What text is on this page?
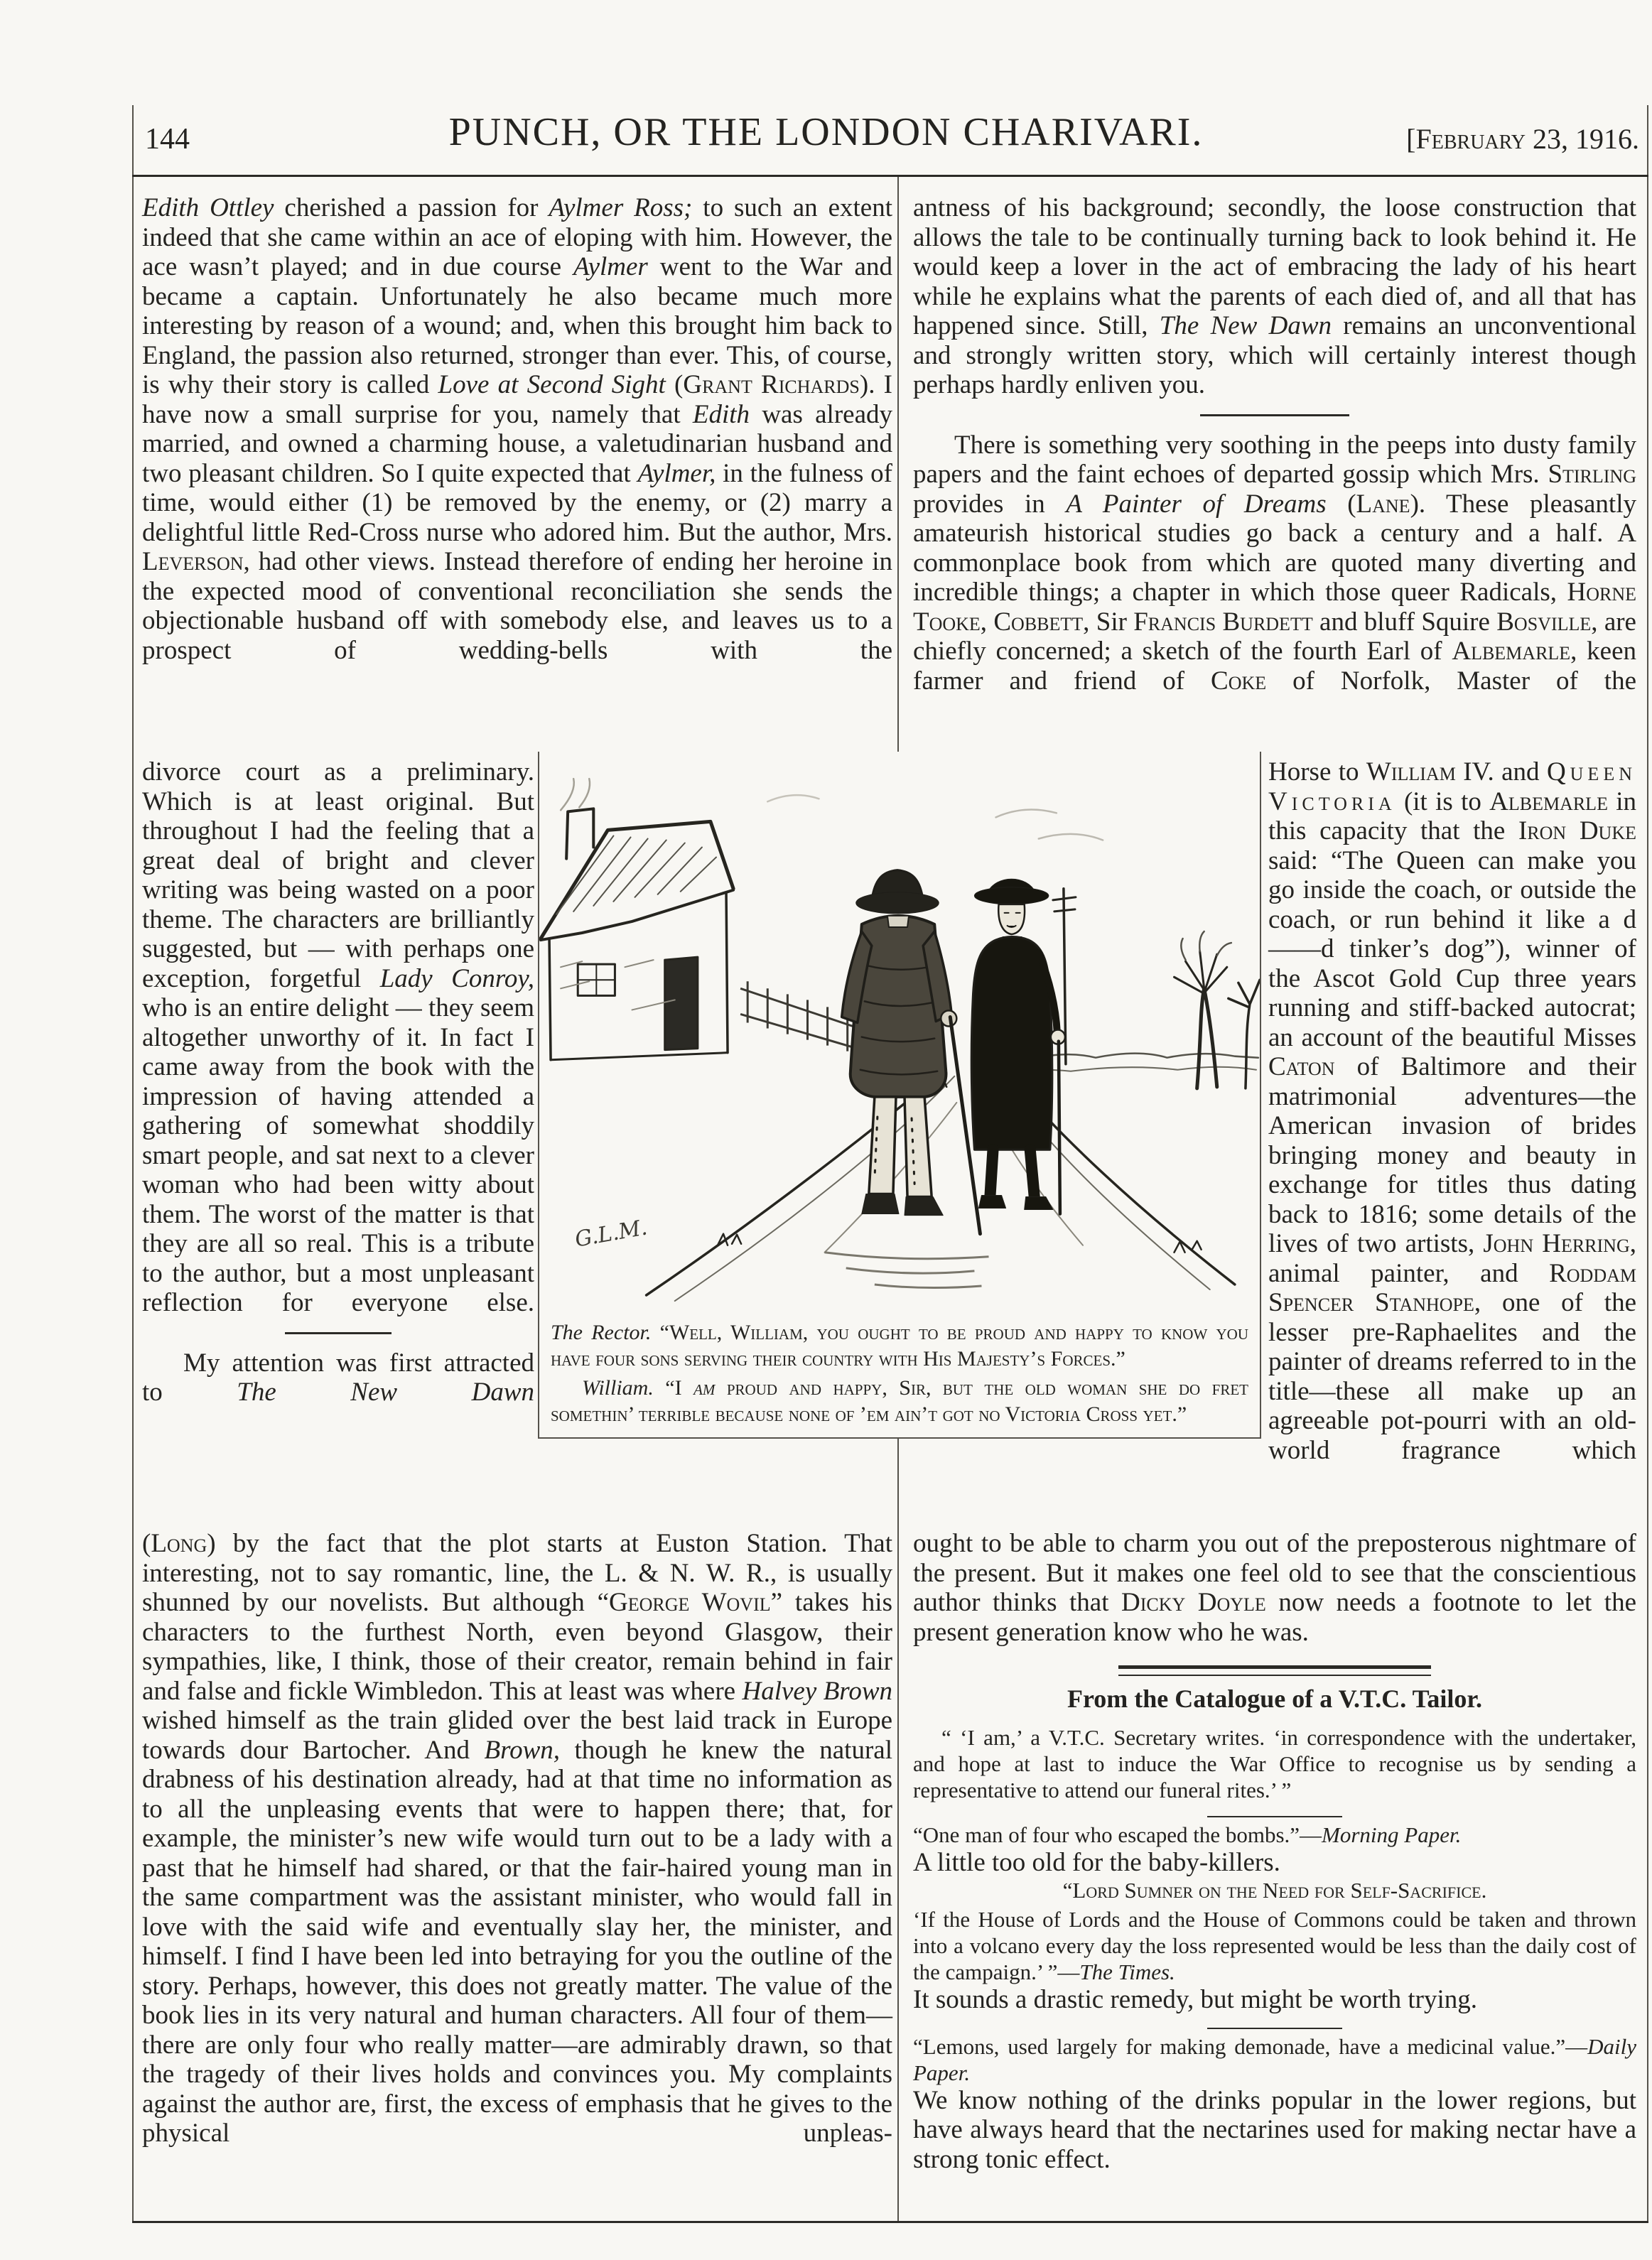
144	PUNCH, OR THE LONDON CHARIVARI.	[February 23, 1916.

Edith Ottley cherished a passion for Aylmer Ross; to such an extent indeed that she came within an ace of eloping with him. However, the ace wasn’t played; and in due course Aylmer went to the War and became a captain. Unfortunately he also became much more interesting by reason of a wound; and, when this brought him back to England, the passion also returned, stronger than ever. This, of course, is why their story is called Love at Second Sight (Grant Richards). I have now a small surprise for you, namely that Edith was already married, and owned a charming house, a valetudinarian husband and two pleasant children. So I quite expected that Aylmer, in the fulness of time, would either (1) be removed by the enemy, or (2) marry a delightful little Red-Cross nurse who adored him. But the author, Mrs. Leverson, had other views. Instead therefore of ending her heroine in the expected mood of conventional reconciliation she sends the objectionable husband off with somebody else, and leaves us to a prospect of wedding-bells with the

antness of his background; secondly, the loose construction that allows the tale to be continually turning back to look behind it. He would keep a lover in the act of embracing the lady of his heart while he explains what the parents of each died of, and all that has happened since. Still, The New Dawn remains an unconventional and strongly written story, which will certainly interest though perhaps hardly enliven you.

There is something very soothing in the peeps into dusty family papers and the faint echoes of departed gossip which Mrs. Stirling provides in A Painter of Dreams (Lane). These pleasantly amateurish historical studies go back a century and a half. A commonplace book from which are quoted many diverting and incredible things; a chapter in which those queer Radicals, Horne Tooke, Cobbett, Sir Francis Burdett and bluff Squire Bosville, are chiefly concerned; a sketch of the fourth Earl of Albemarle, keen farmer and friend of Coke of Norfolk, Master of the

divorce court as a preliminary. Which is at least original. But throughout I had the feeling that a great deal of bright and clever writing was being wasted on a poor theme. The characters are brilliantly suggested, but — with perhaps one exception, forgetful Lady Conroy, who is an entire delight — they seem altogether unworthy of it. In fact I came away from the book with the impression of having attended a gathering of somewhat shoddily smart people, and sat next to a clever woman who had been witty about them. The worst of the matter is that they are all so real. This is a tribute to the author, but a most unpleasant reflection for everyone else.

My attention was first attracted to The New Dawn

Horse to William IV. and Queen Victoria (it is to Albemarle in this capacity that the Iron Duke said: “The Queen can make you go inside the coach, or outside the coach, or run behind it like a d——d tinker’s dog”), winner of the Ascot Gold Cup three years running and stiff-backed autocrat; an account of the beautiful Misses Caton of Baltimore and their matrimonial adventures—the American invasion of brides bringing money and beauty in exchange for titles thus dating back to 1816; some details of the lives of two artists, John Herring, animal painter, and Roddam Spencer Stanhope, one of the lesser pre-Raphaelites and the painter of dreams referred to in the title—these all make up an agreeable pot-pourri with an old-world fragrance which

G.L.M.

The Rector. “Well, William, you ought to be proud and happy to know you have four sons serving their country with His Majesty’s Forces.”

William. “I am proud and happy, Sir, but the old woman she do fret somethin’ terrible because none of ’em ain’t got no Victoria Cross yet.”

(Long) by the fact that the plot starts at Euston Station. That interesting, not to say romantic, line, the L. & N. W. R., is usually shunned by our novelists. But although “George Wovil” takes his characters to the furthest North, even beyond Glasgow, their sympathies, like, I think, those of their creator, remain behind in fair and false and fickle Wimbledon. This at least was where Halvey Brown wished himself as the train glided over the best laid track in Europe towards dour Bartocher. And Brown, though he knew the natural drabness of his destination already, had at that time no information as to all the unpleasing events that were to happen there; that, for example, the minister’s new wife would turn out to be a lady with a past that he himself had shared, or that the fair-haired young man in the same compartment was the assistant minister, who would fall in love with the said wife and eventually slay her, the minister, and himself. I find I have been led into betraying for you the outline of the story. Perhaps, however, this does not greatly matter. The value of the book lies in its very natural and human characters. All four of them—there are only four who really matter—are admirably drawn, so that the tragedy of their lives holds and convinces you. My complaints against the author are, first, the excess of emphasis that he gives to the physical unpleas-

ought to be able to charm you out of the preposterous nightmare of the present. But it makes one feel old to see that the conscientious author thinks that Dicky Doyle now needs a footnote to let the present generation know who he was.

From the Catalogue of a V.T.C. Tailor.

“ ‘I am,’ a V.T.C. Secretary writes. ‘in correspondence with the undertaker, and hope at last to induce the War Office to recognise us by sending a representative to attend our funeral rites.’ ”

“One man of four who escaped the bombs.”—Morning Paper.

A little too old for the baby-killers.

“Lord Sumner on the Need for Self-Sacrifice.

‘If the House of Lords and the House of Commons could be taken and thrown into a volcano every day the loss represented would be less than the daily cost of the campaign.’ ”—The Times.

It sounds a drastic remedy, but might be worth trying.

“Lemons, used largely for making demonade, have a medicinal value.”—Daily Paper.

We know nothing of the drinks popular in the lower regions, but have always heard that the nectarines used for making nectar have a strong tonic effect.
